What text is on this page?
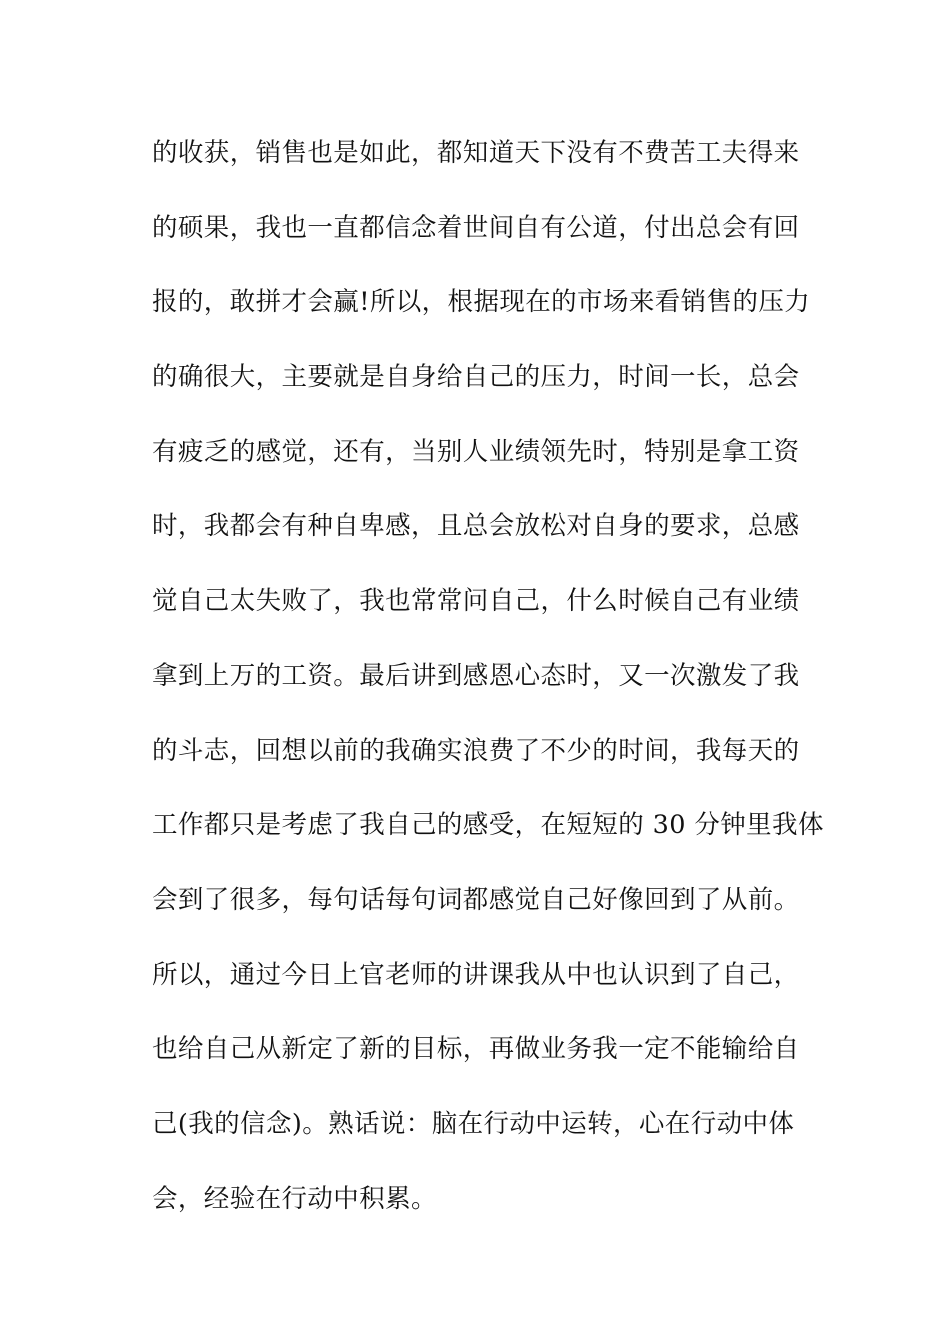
的收获，销售也是如此，都知道天下没有不费苦工夫得来
的硕果，我也一直都信念着世间自有公道，付出总会有回
报的，敢拼才会赢!所以，根据现在的市场来看销售的压力
的确很大，主要就是自身给自己的压力，时间一长，总会
有疲乏的感觉，还有，当别人业绩领先时，特别是拿工资
时，我都会有种自卑感，且总会放松对自身的要求，总感
觉自己太失败了，我也常常问自己，什么时候自己有业绩
拿到上万的工资。最后讲到感恩心态时，又一次激发了我
的斗志，回想以前的我确实浪费了不少的时间，我每天的
工作都只是考虑了我自己的感受，在短短的 30 分钟里我体
会到了很多，每句话每句词都感觉自己好像回到了从前。
所以，通过今日上官老师的讲课我从中也认识到了自己，
也给自己从新定了新的目标，再做业务我一定不能输给自
己(我的信念)。熟话说：脑在行动中运转，心在行动中体
会，经验在行动中积累。
